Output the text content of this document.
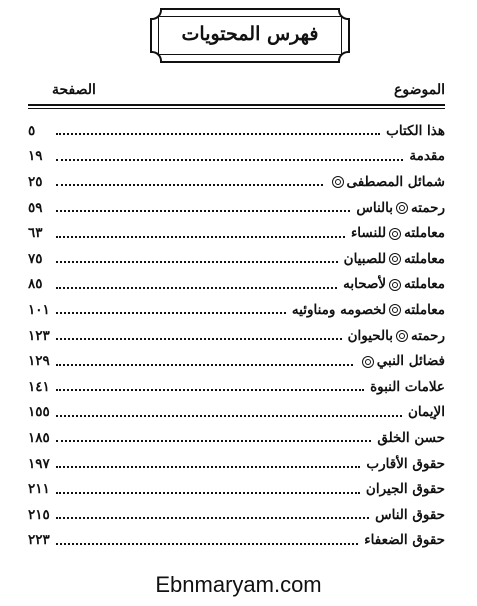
فهرس المحتويات
الموضوع
الصفحة
هذا الكتاب
٥
مقدمة
١٩
شمائل المصطفى
٢٥
رحمتهبالناس
٥٩
معاملتهللنساء
٦٣
معاملتهللصبيان
٧٥
معاملتهلأصحابه
٨٥
معاملتهلخصومه ومناوئيه
١٠١
رحمتهبالحيوان
١٢٣
فضائل النبي
١٢٩
علامات النبوة
١٤١
الإيمان
١٥٥
حسن الخلق
١٨٥
حقوق الأقارب
١٩٧
حقوق الجيران
٢١١
حقوق الناس
٢١٥
حقوق الضعفاء
٢٢٣
Ebnmaryam.com
